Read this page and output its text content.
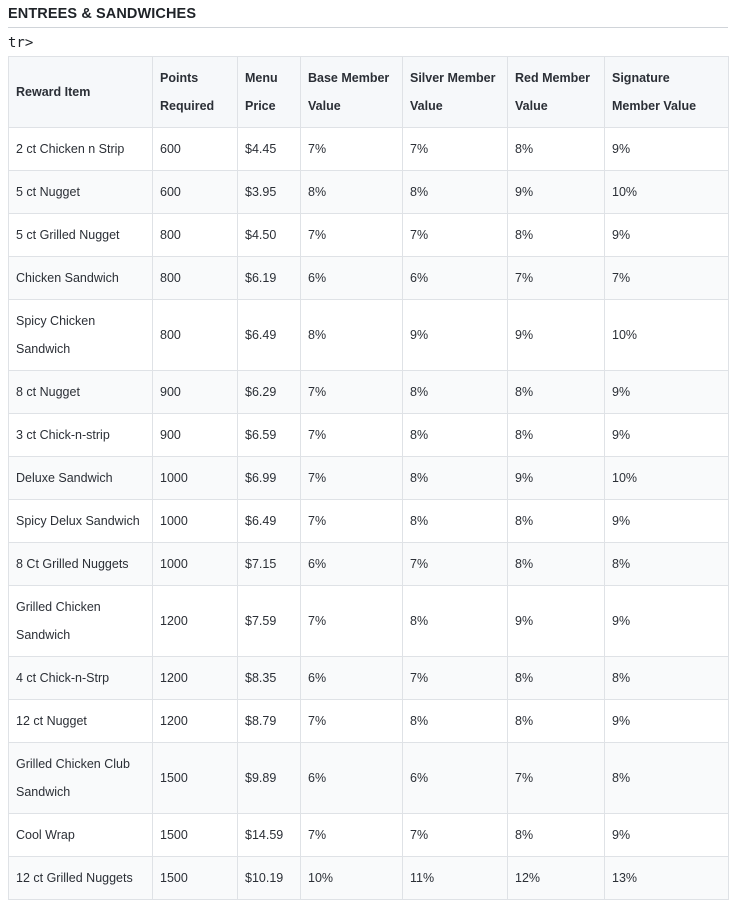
ENTREES & SANDWICHES
tr>
Reward Item	Points Required	Menu Price	Base Member Value	Silver Member Value	Red Member Value	Signature Member Value
2 ct Chicken n Strip	600	$4.45	7%	7%	8%	9%
5 ct Nugget	600	$3.95	8%	8%	9%	10%
5 ct Grilled Nugget	800	$4.50	7%	7%	8%	9%
Chicken Sandwich	800	$6.19	6%	6%	7%	7%
Spicy Chicken Sandwich	800	$6.49	8%	9%	9%	10%
8 ct Nugget	900	$6.29	7%	8%	8%	9%
3 ct Chick-n-strip	900	$6.59	7%	8%	8%	9%
Deluxe Sandwich	1000	$6.99	7%	8%	9%	10%
Spicy Delux Sandwich	1000	$6.49	7%	8%	8%	9%
8 Ct Grilled Nuggets	1000	$7.15	6%	7%	8%	8%
Grilled Chicken Sandwich	1200	$7.59	7%	8%	9%	9%
4 ct Chick-n-Strp	1200	$8.35	6%	7%	8%	8%
12 ct Nugget	1200	$8.79	7%	8%	8%	9%
Grilled Chicken Club Sandwich	1500	$9.89	6%	6%	7%	8%
Cool Wrap	1500	$14.59	7%	7%	8%	9%
12 ct Grilled Nuggets	1500	$10.19	10%	11%	12%	13%
